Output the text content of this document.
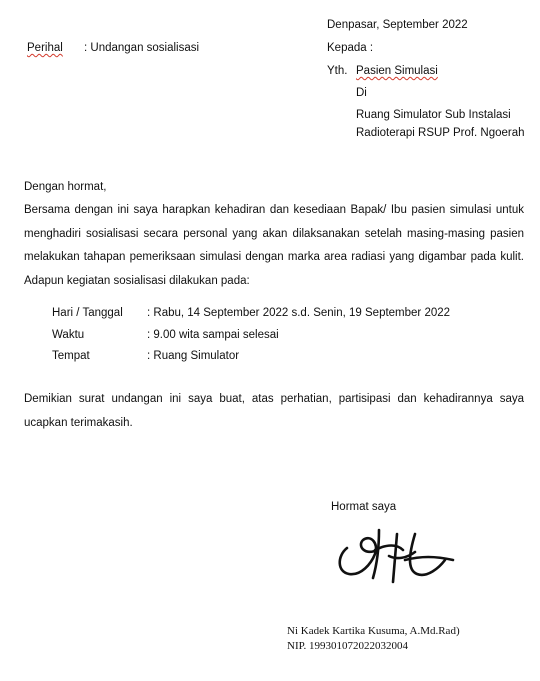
Denpasar, September 2022
Perihal : Undangan sosialisasi	Kepada :
Yth. Pasien Simulasi
Di
Ruang Simulator Sub Instalasi
Radioterapi RSUP Prof. Ngoerah
Dengan hormat,

Bersama dengan ini saya harapkan kehadiran dan kesediaan Bapak/ Ibu pasien simulasi untuk

menghadiri sosialisasi secara personal yang akan dilaksanakan setelah masing-masing pasien

melakukan tahapan pemeriksaan simulasi dengan marka area radiasi yang digambar pada kulit.

Adapun kegiatan sosialisasi dilakukan pada:

Hari / Tanggal	: Rabu, 14 September 2022 s.d. Senin, 19 September 2022
Waktu	: 9.00 wita sampai selesai
Tempat	: Ruang Simulator

Demikian surat undangan ini saya buat, atas perhatian, partisipasi dan kehadirannya saya

ucapkan terimakasih.

Hormat saya
Ni Kadek Kartika Kusuma, A.Md.Rad)
NIP. 199301072022032004
